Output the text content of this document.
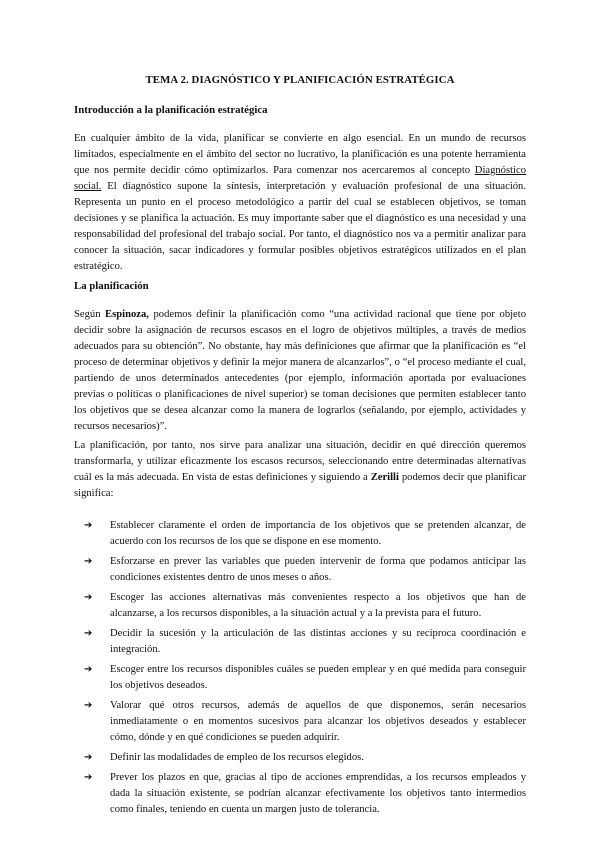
TEMA 2. DIAGNÓSTICO Y PLANIFICACIÓN ESTRATÉGICA
Introducción a la planificación estratégica
En cualquier ámbito de la vida, planificar se convierte en algo esencial. En un mundo de recursos limitados, especialmente en el ámbito del sector no lucrativo, la planificación es una potente herramienta que nos permite decidir cómo optimizarlos. Para comenzar nos acercaremos al concepto Diagnóstico social. El diagnóstico supone la síntesis, interpretación y evaluación profesional de una situación. Representa un punto en el proceso metodológico a partir del cual se establecen objetivos, se toman decisiones y se planifica la actuación. Es muy importante saber que el diagnóstico es una necesidad y una responsabilidad del profesional del trabajo social. Por tanto, el diagnóstico nos va a permitir analizar para conocer la situación, sacar indicadores y formular posibles objetivos estratégicos utilizados en el plan estratégico.
La planificación
Según Espinoza, podemos definir la planificación como “una actividad racional que tiene por objeto decidir sobre la asignación de recursos escasos en el logro de objetivos múltiples, a través de medios adecuados para su obtención”. No obstante, hay más definiciones que afirmar que la planificación es “el proceso de determinar objetivos y definir la mejor manera de alcanzarlos”, o “el proceso mediante el cual, partiendo de unos determinados antecedentes (por ejemplo, información aportada por evaluaciones previas o políticas o planificaciones de nivel superior) se toman decisiones que permiten establecer tanto los objetivos que se desea alcanzar como la manera de lograrlos (señalando, por ejemplo, actividades y recursos necesarios)”.
La planificación, por tanto, nos sirve para analizar una situación, decidir en qué dirección queremos transformarla, y utilizar eficazmente los escasos recursos, seleccionando entre determinadas alternativas cuál es la más adecuada. En vista de estas definiciones y siguiendo a Zerilli podemos decir que planificar significa:
➔ Establecer claramente el orden de importancia de los objetivos que se pretenden alcanzar, de acuerdo con los recursos de los que se dispone en ese momento.
➔ Esforzarse en prever las variables que pueden intervenir de forma que podamos anticipar las condiciones existentes dentro de unos meses o años.
➔ Escoger las acciones alternativas más convenientes respecto a los objetivos que han de alcanzarse, a los recursos disponibles, a la situación actual y a la prevista para el futuro.
➔ Decidir la sucesión y la articulación de las distintas acciones y su recíproca coordinación e integración.
➔ Escoger entre los recursos disponibles cuáles se pueden emplear y en qué medida para conseguir los objetivos deseados.
➔ Valorar qué otros recursos, además de aquellos de que disponemos, serán necesarios inmediatamente o en momentos sucesivos para alcanzar los objetivos deseados y establecer cómo, dónde y en qué condiciones se pueden adquirir.
➔ Definir las modalidades de empleo de los recursos elegidos.
➔ Prever los plazos en que, gracias al tipo de acciones emprendidas, a los recursos empleados y dada la situación existente, se podrían alcanzar efectivamente los objetivos tanto intermedios como finales, teniendo en cuenta un margen justo de tolerancia.
